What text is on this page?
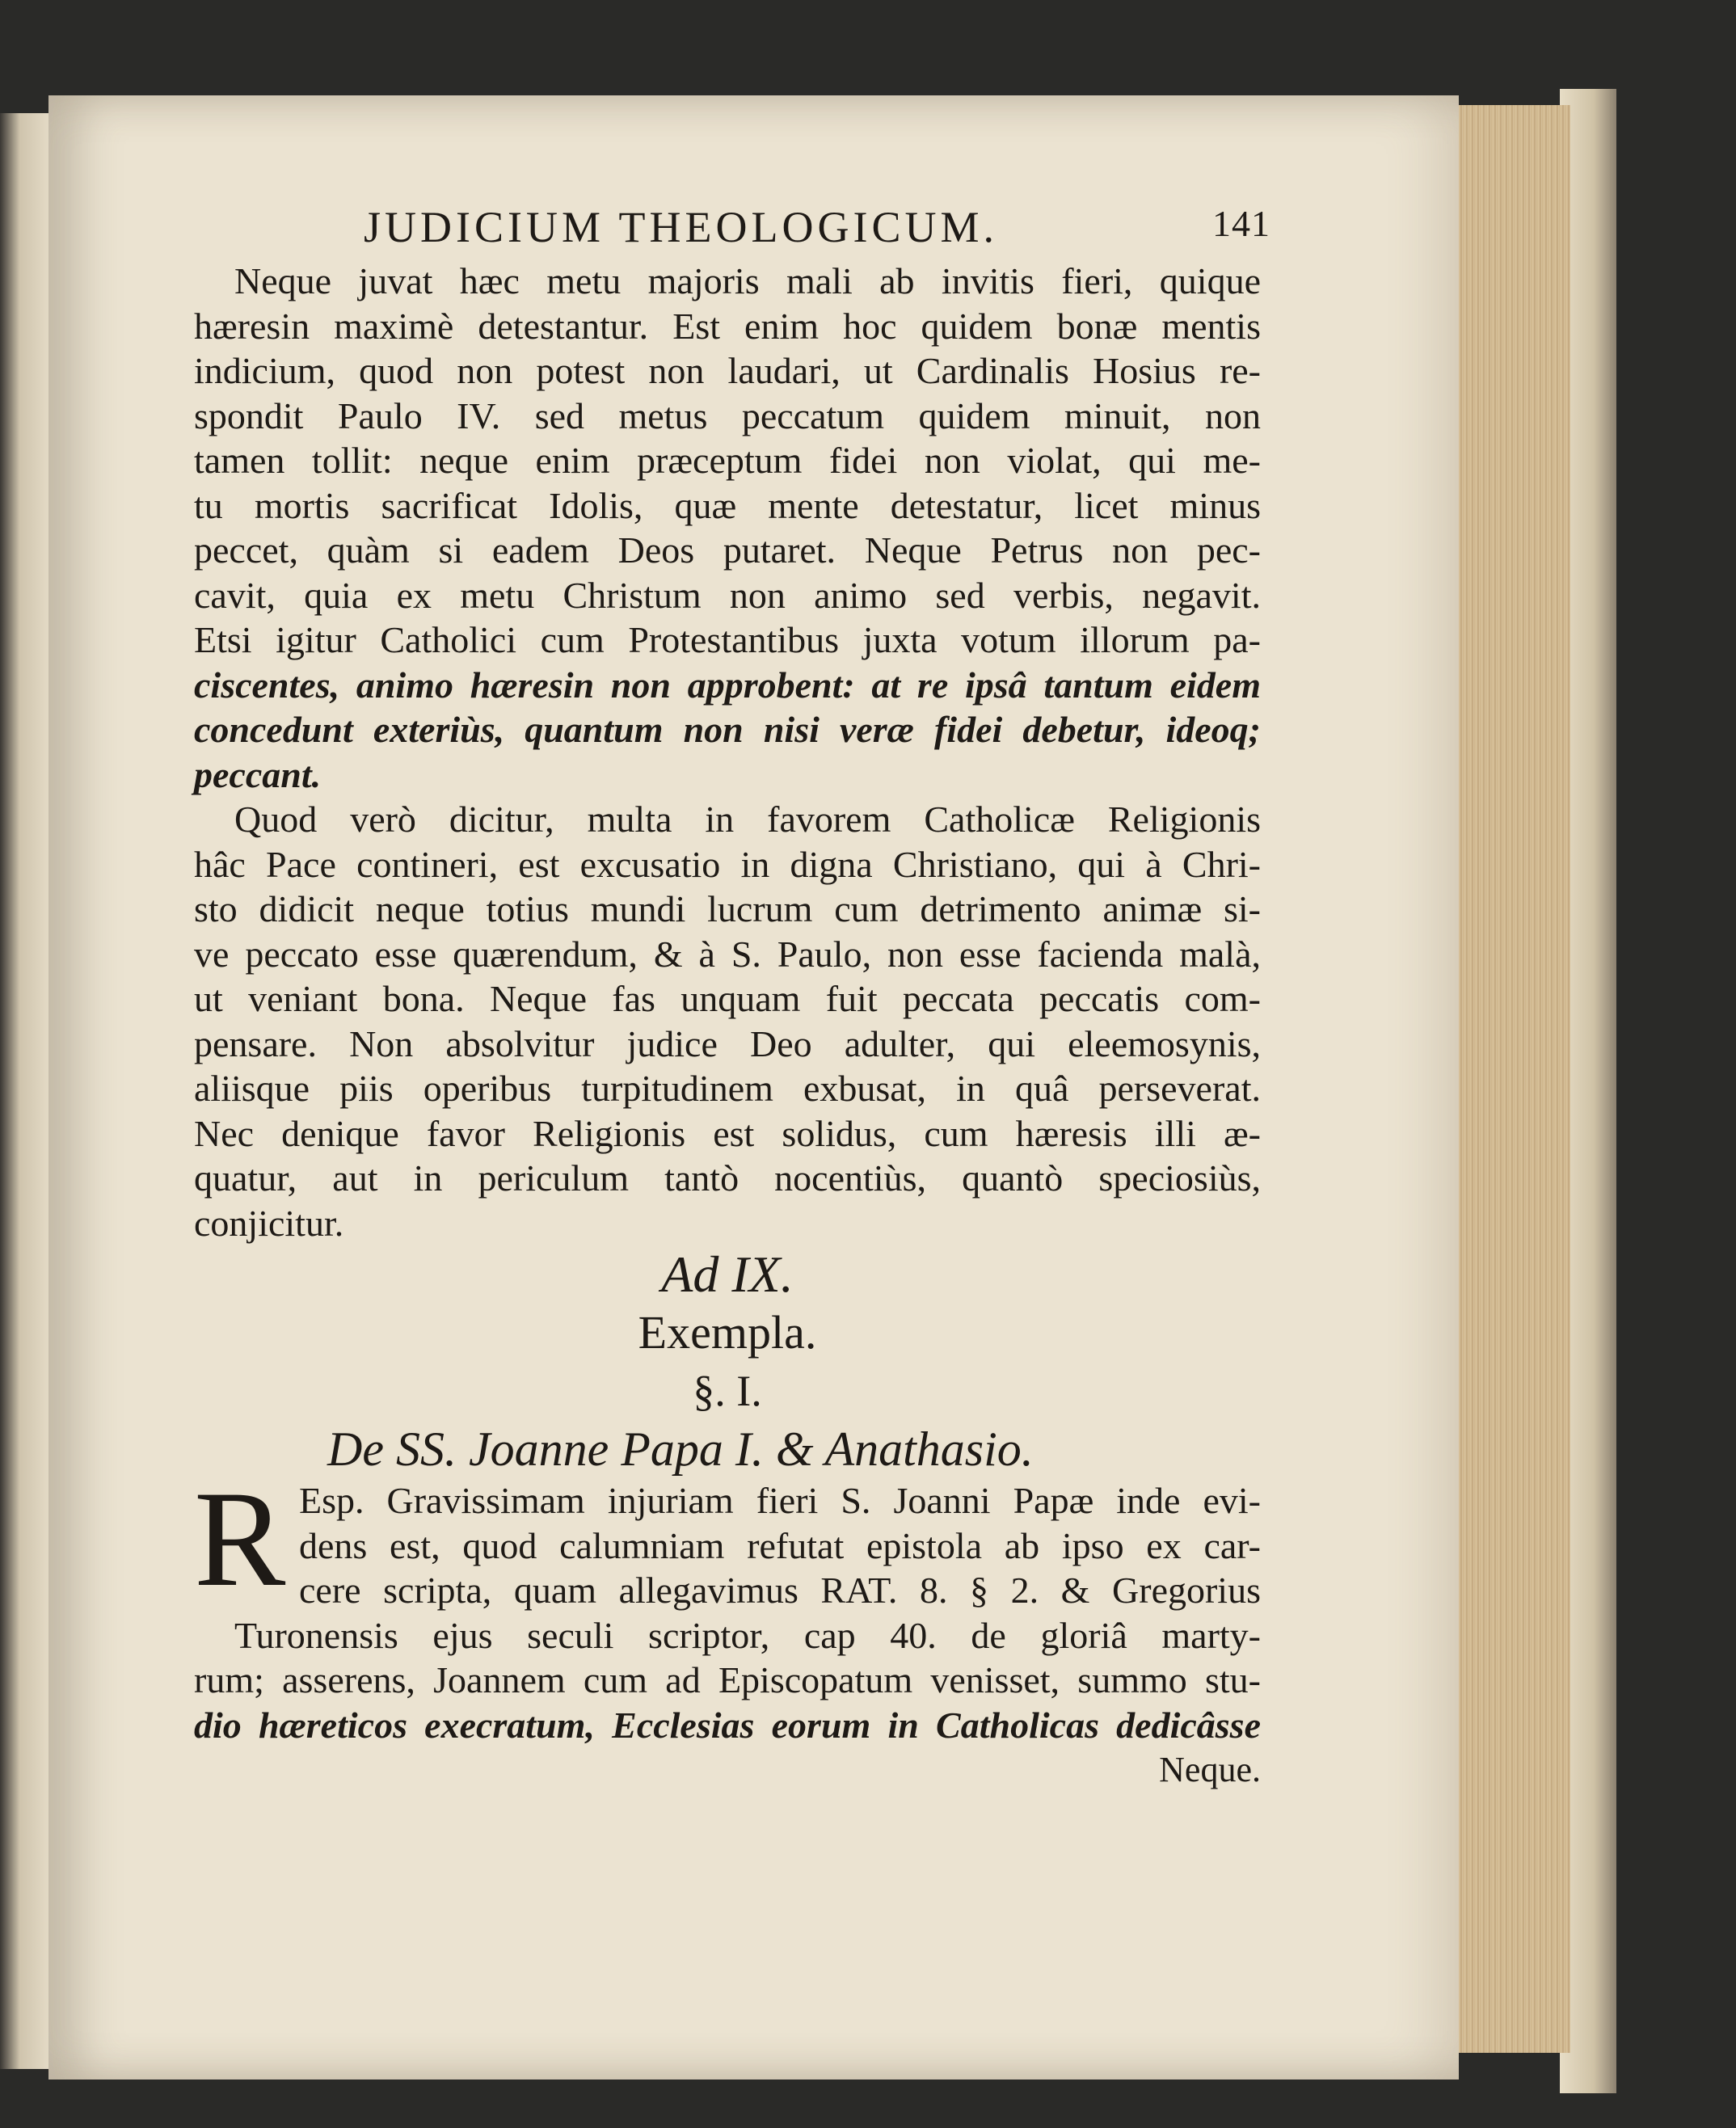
JUDICIUM THEOLOGICUM.	141
Neque juvat hæc metu majoris mali ab invitis fieri, quique
hæresin maximè detestantur. Est enim hoc quidem bonæ mentis
indicium, quod non potest non laudari, ut Cardinalis Hosius re-
spondit Paulo IV. sed metus peccatum quidem minuit, non
tamen tollit: neque enim præceptum fidei non violat, qui me-
tu mortis sacrificat Idolis, quæ mente detestatur, licet minus
peccet, quàm si eadem Deos putaret. Neque Petrus non pec-
cavit, quia ex metu Christum non animo sed verbis, negavit.
Etsi igitur Catholici cum Protestantibus juxta votum illorum pa-
ciscentes, animo hæresin non approbent: at re ipsâ tantum eidem
concedunt exteriùs, quantum non nisi veræ fidei debetur, ideoq;
peccant.
Quod verò dicitur, multa in favorem Catholicæ Religionis
hâc Pace contineri, est excusatio in digna Christiano, qui à Chri-
sto didicit neque totius mundi lucrum cum detrimento animæ si-
ve peccato esse quærendum, & à S. Paulo, non esse facienda malà,
ut veniant bona. Neque fas unquam fuit peccata peccatis com-
pensare. Non absolvitur judice Deo adulter, qui eleemosynis,
aliisque piis operibus turpitudinem exbusat, in quâ perseverat.
Nec denique favor Religionis est solidus, cum hæresis illi æ-
quatur, aut in periculum tantò nocentiùs, quantò speciosiùs,
conjicitur.
Ad IX.
Exempla.
§. I.
De SS. Joanne Papa I. & Anathasio.
R Esp. Gravissimam injuriam fieri S. Joanni Papæ inde evi-
dens est, quod calumniam refutat epistola ab ipso ex car-
cere scripta, quam allegavimus RAT. 8. § 2. & Gregorius
Turonensis ejus seculi scriptor, cap 40. de gloriâ marty-
rum; asserens, Joannem cum ad Episcopatum venisset, summo stu-
dio hæreticos execratum, Ecclesias eorum in Catholicas dedicâsse
Neque.
